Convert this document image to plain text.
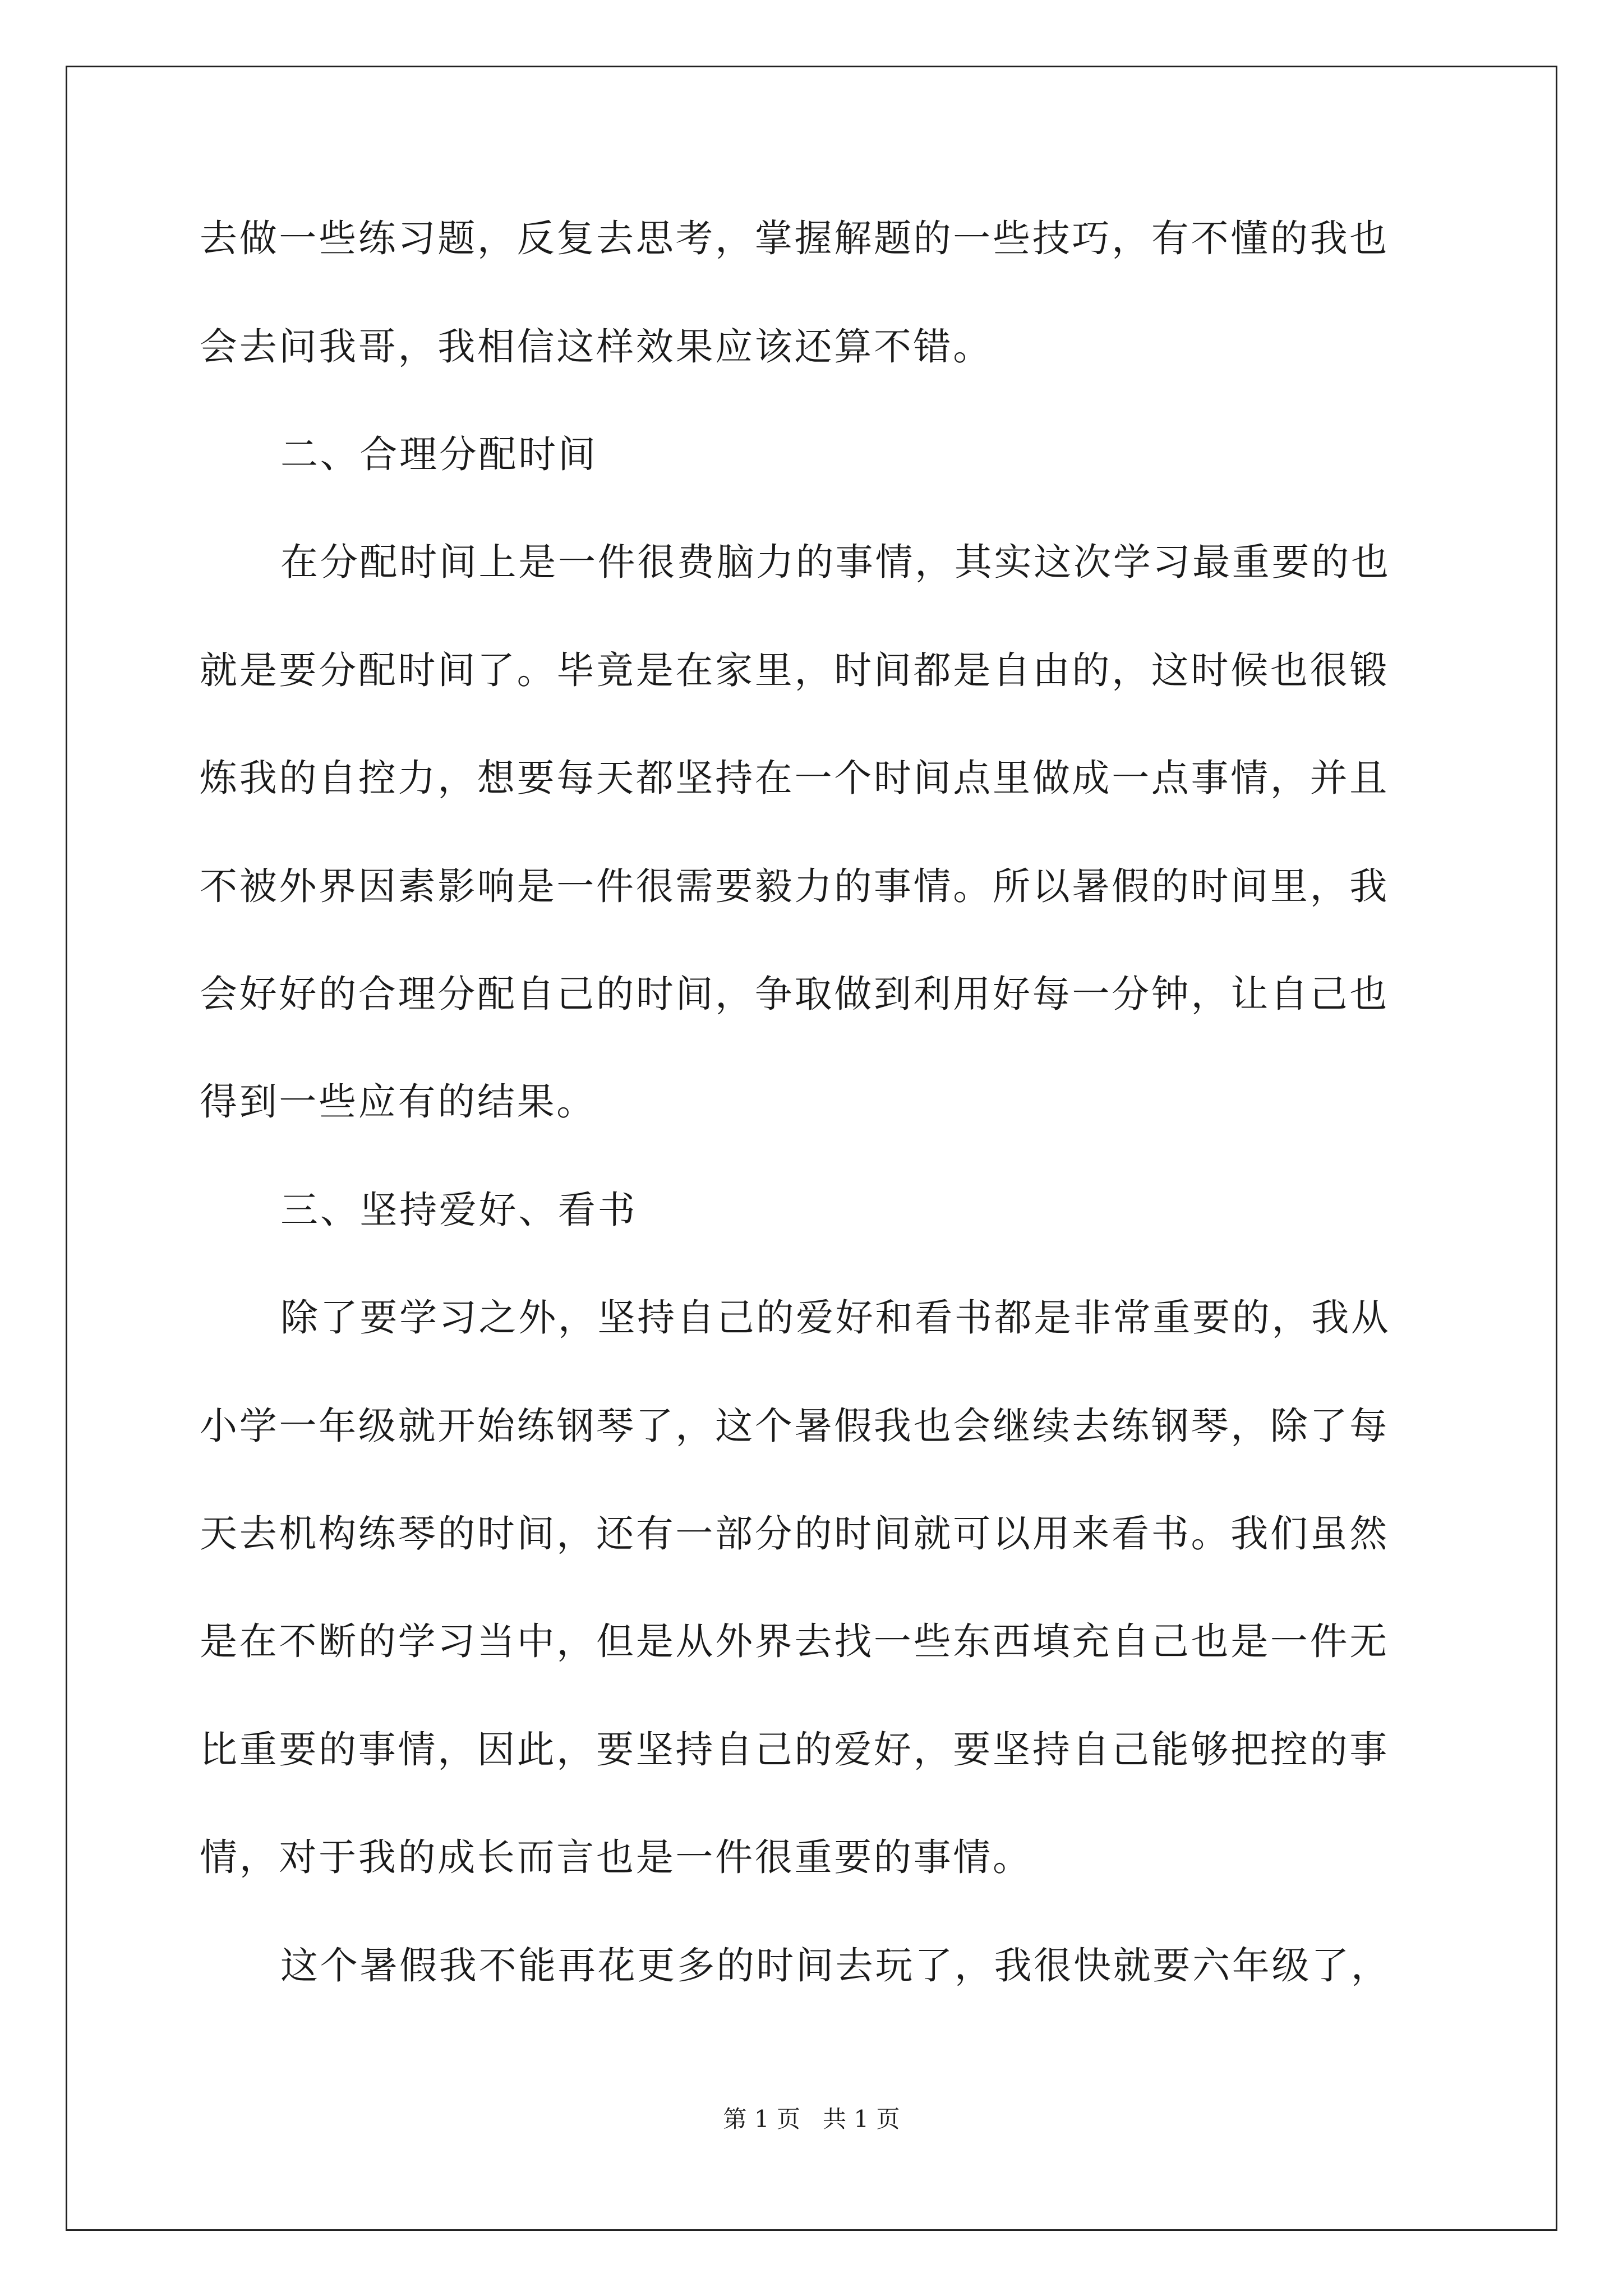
去做一些练习题，反复去思考，掌握解题的一些技巧，有不懂的我也
会去问我哥，我相信这样效果应该还算不错。
二、合理分配时间
在分配时间上是一件很费脑力的事情，其实这次学习最重要的也
就是要分配时间了。毕竟是在家里，时间都是自由的，这时候也很锻
炼我的自控力，想要每天都坚持在一个时间点里做成一点事情，并且
不被外界因素影响是一件很需要毅力的事情。所以暑假的时间里，我
会好好的合理分配自己的时间，争取做到利用好每一分钟，让自己也
得到一些应有的结果。
三、坚持爱好、看书
除了要学习之外，坚持自己的爱好和看书都是非常重要的，我从
小学一年级就开始练钢琴了，这个暑假我也会继续去练钢琴，除了每
天去机构练琴的时间，还有一部分的时间就可以用来看书。我们虽然
是在不断的学习当中，但是从外界去找一些东西填充自己也是一件无
比重要的事情，因此，要坚持自己的爱好，要坚持自己能够把控的事
情，对于我的成长而言也是一件很重要的事情。
这个暑假我不能再花更多的时间去玩了，我很快就要六年级了，
第 1 页   共 1 页
